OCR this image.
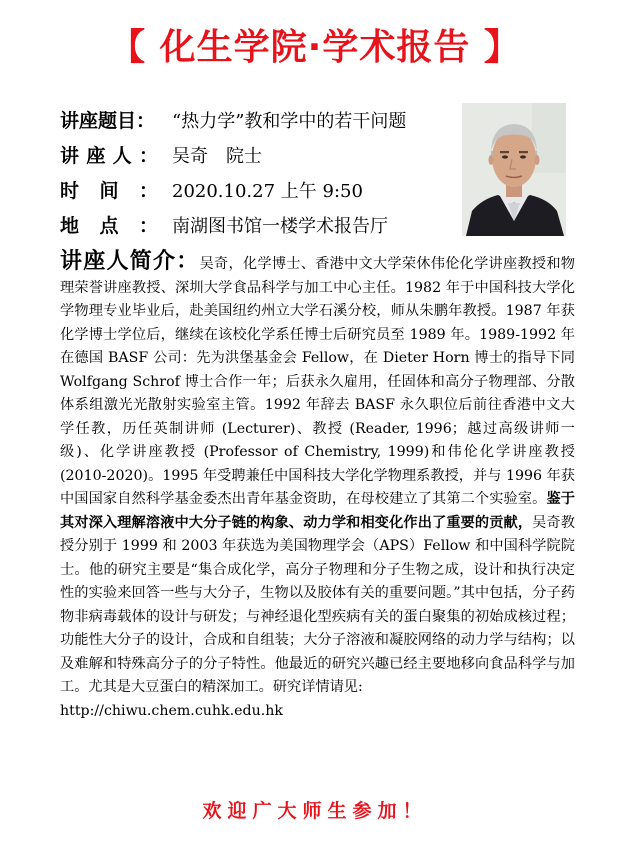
【 化生学院·学术报告 】
讲座题目： “热力学”教和学中的若干问题
讲 座 人 ： 吴奇　院士
时 间 ： 2020.10.27 上午 9:50
地 点 ： 南湖图书馆一楼学术报告厅
讲座人简介：吴奇，化学博士、香港中文大学荣休伟伦化学讲座教授和物理荣誉讲座教授、深圳大学食品科学与加工中心主任。1982 年于中国科技大学化学物理专业毕业后，赴美国纽约州立大学石溪分校，师从朱鹏年教授。1987 年获化学博士学位后，继续在该校化学系任博士后研究员至 1989 年。1989-1992 年在德国 BASF 公司：先为洪堡基金会 Fellow，在 Dieter Horn 博士的指导下同 Wolfgang Schrof 博士合作一年；后获永久雇用，任固体和高分子物理部、分散体系组激光光散射实验室主管。1992 年辞去 BASF 永久职位后前往香港中文大学任教，历任英制讲师 (Lecturer)、教授 (Reader, 1996；越过高级讲师一级)、化学讲座教授 (Professor of Chemistry, 1999)和伟伦化学讲座教授(2010-2020)。1995 年受聘兼任中国科技大学化学物理系教授，并与 1996 年获中国国家自然科学基金委杰出青年基金资助，在母校建立了其第二个实验室。鉴于其对深入理解溶液中大分子链的构象、动力学和相变化作出了重要的贡献，吴奇教授分别于 1999 和 2003 年获选为美国物理学会（APS）Fellow 和中国科学院院士。他的研究主要是“集合成化学，高分子物理和分子生物之成，设计和执行决定性的实验来回答一些与大分子，生物以及胶体有关的重要问题。”其中包括，分子药物非病毒载体的设计与研发；与神经退化型疾病有关的蛋白聚集的初始成核过程；功能性大分子的设计，合成和自组装；大分子溶液和凝胶网络的动力学与结构；以及难解和特殊高分子的分子特性。他最近的研究兴趣已经主要地移向食品科学与加工。尤其是大豆蛋白的精深加工。研究详情请见:
http://chiwu.chem.cuhk.edu.hk
欢迎广大师生参加！
